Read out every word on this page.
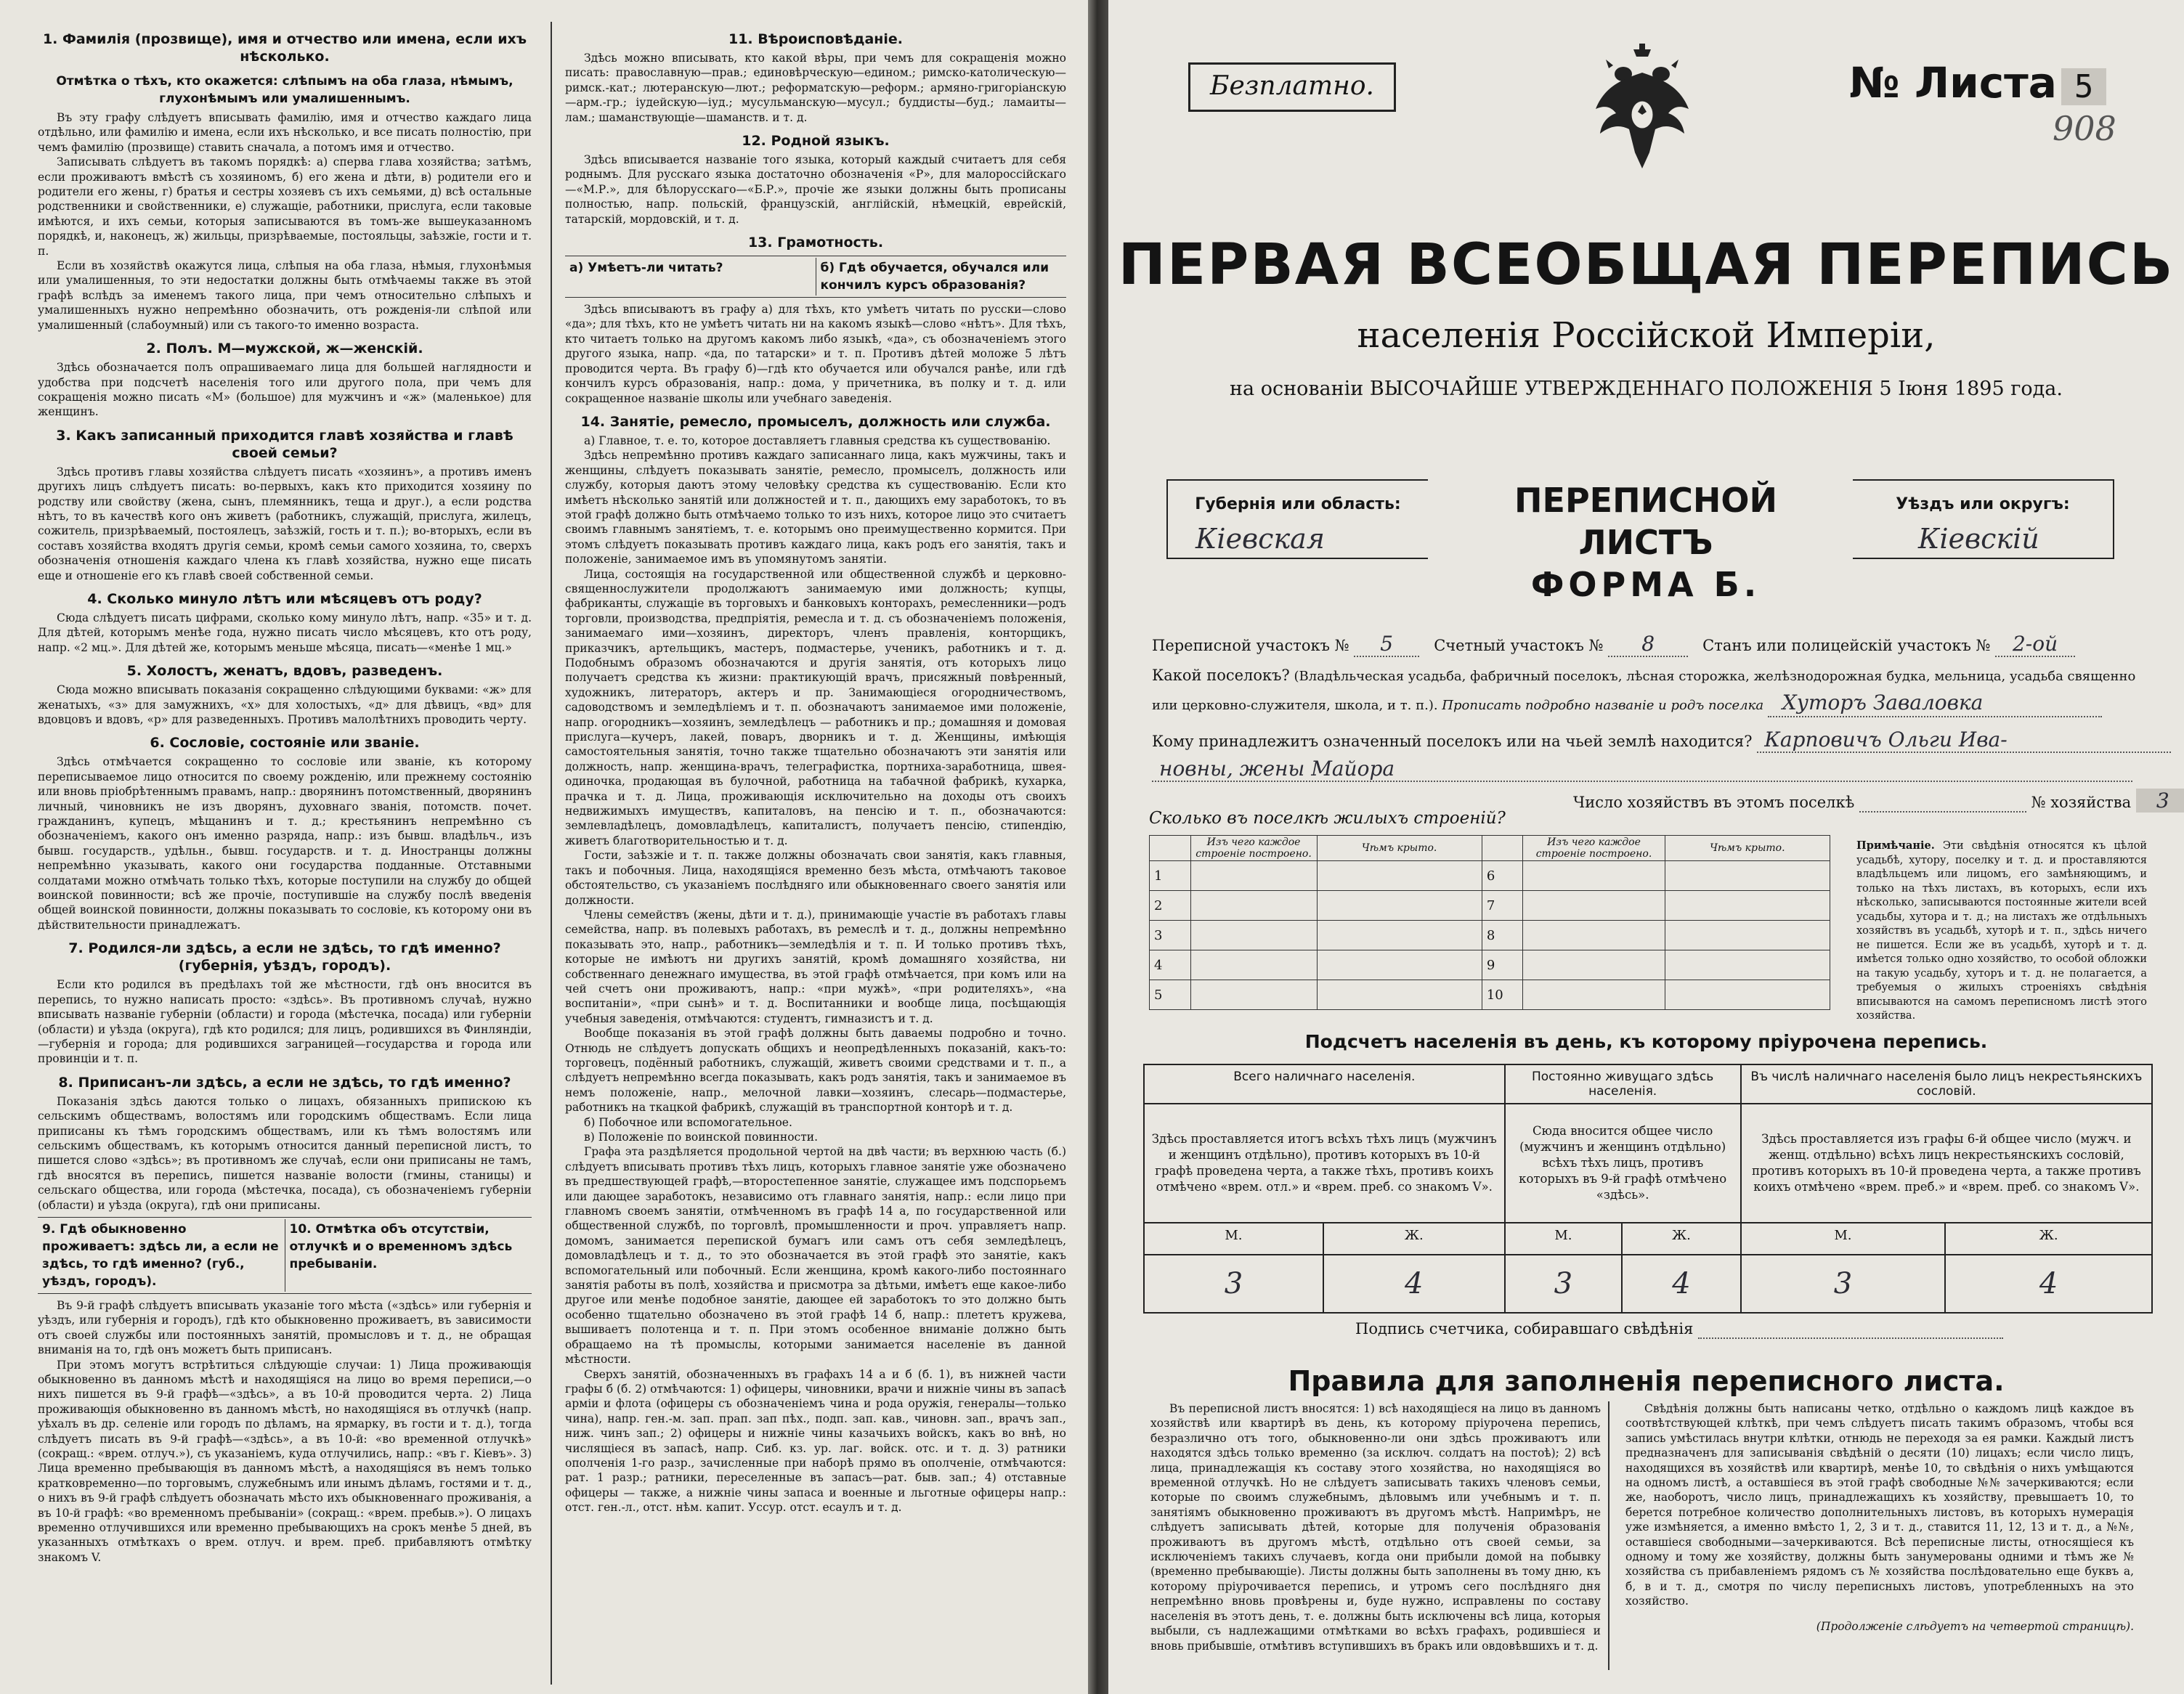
1. Фамилія (прозвище), имя и отчество или имена, если ихъ нѣсколько.
Отмѣтка о тѣхъ, кто окажется: слѣпымъ на оба глаза, нѣмымъ, глухонѣмымъ или умалишеннымъ.

Въ эту графу слѣдуетъ вписывать фамилію, имя и отчество каждаго лица отдѣльно, или фамилію и имена, если ихъ нѣсколько, и все писать полностію, при чемъ фамилію (прозвище) ставить сначала, а потомъ имя и отчество.

Записывать слѣдуетъ въ такомъ порядкѣ: а) сперва глава хозяйства; затѣмъ, если проживаютъ вмѣстѣ съ хозяиномъ, б) его жена и дѣти, в) родители его и родители его жены, г) братья и сестры хозяевъ съ ихъ семьями, д) всѣ остальные родственники и свойственники, е) служащіе, работники, прислуга, если таковые имѣются, и ихъ семьи, которыя записываются въ томъ-же вышеуказанномъ порядкѣ, и, наконецъ, ж) жильцы, призрѣваемые, постояльцы, заѣзжіе, гости и т. п.

Если въ хозяйствѣ окажутся лица, слѣпыя на оба глаза, нѣмыя, глухонѣмыя или умалишенныя, то эти недостатки должны быть отмѣчаемы также въ этой графѣ вслѣдъ за именемъ такого лица, при чемъ относительно слѣпыхъ и умалишенныхъ нужно непремѣнно обозначить, отъ рожденія-ли слѣпой или умалишенный (слабоумный) или съ такого-то именно возраста.

2. Полъ. М—мужской, ж—женскій.

Здѣсь обозначается полъ опрашиваемаго лица для большей наглядности и удобства при подсчетѣ населенія того или другого пола, при чемъ для сокращенія можно писать «М» (большое) для мужчинъ и «ж» (маленькое) для женщинъ.

3. Какъ записанный приходится главѣ хозяйства и главѣ своей семьи?

Здѣсь противъ главы хозяйства слѣдуетъ писать «хозяинъ», а противъ именъ другихъ лицъ слѣдуетъ писать: во-первыхъ, какъ кто приходится хозяину по родству или свойству (жена, сынъ, племянникъ, теща и друг.), а если родства нѣтъ, то въ качествѣ кого онъ живетъ (работникъ, служащій, прислуга, жилецъ, сожитель, призрѣваемый, постоялецъ, заѣзжій, гость и т. п.); во-вторыхъ, если въ составъ хозяйства входятъ другія семьи, кромѣ семьи самого хозяина, то, сверхъ обозначенія отношенія каждаго члена къ главѣ хозяйства, нужно еще писать еще и отношеніе его къ главѣ своей собственной семьи.

4. Сколько минуло лѣтъ или мѣсяцевъ отъ роду?

Сюда слѣдуетъ писать цифрами, сколько кому минуло лѣтъ, напр. «35» и т. д. Для дѣтей, которымъ менѣе года, нужно писать число мѣсяцевъ, кто отъ роду, напр. «2 мц.». Для дѣтей же, которымъ меньше мѣсяца, писать—«менѣе 1 мц.»

5. Холостъ, женатъ, вдовъ, разведенъ.

Сюда можно вписывать показанія сокращенно слѣдующими буквами: «ж» для женатыхъ, «з» для замужнихъ, «х» для холостыхъ, «д» для дѣвицъ, «вд» для вдовцовъ и вдовъ, «р» для разведенныхъ. Противъ малолѣтнихъ проводить черту.

6. Сословіе, состояніе или званіе.

Здѣсь отмѣчается сокращенно то сословіе или званіе, къ которому переписываемое лицо относится по своему рожденію, или прежнему состоянію или вновь пріобрѣтеннымъ правамъ, напр.: дворянинъ потомственный, дворянинъ личный, чиновникъ не изъ дворянъ, духовнаго званія, потомств. почет. гражданинъ, купецъ, мѣщанинъ и т. д.; крестьянинъ непремѣнно съ обозначеніемъ, какого онъ именно разряда, напр.: изъ бывш. владѣльч., изъ бывш. государств., удѣльн., бывш. государств. и т. д. Иностранцы должны непремѣнно указывать, какого они государства подданные. Отставными солдатами можно отмѣчать только тѣхъ, которые поступили на службу до общей воинской повинности; всѣ же прочіе, поступившіе на службу послѣ введенія общей воинской повинности, должны показывать то сословіе, къ которому они въ дѣйствительности принадлежатъ.

7. Родился-ли здѣсь, а если не здѣсь, то гдѣ именно? (губернія, уѣздъ, городъ).

Если кто родился въ предѣлахъ той же мѣстности, гдѣ онъ вносится въ перепись, то нужно написать просто: «здѣсь». Въ противномъ случаѣ, нужно вписывать названіе губерніи (области) и города (мѣстечка, посада) или губерніи (области) и уѣзда (округа), гдѣ кто родился; для лицъ, родившихся въ Финляндіи,—губернія и города; для родившихся заграницей—государства и города или провинціи и т. п.

8. Приписанъ-ли здѣсь, а если не здѣсь, то гдѣ именно?

Показанія здѣсь даются только о лицахъ, обязанныхъ припискою къ сельскимъ обществамъ, волостямъ или городскимъ обществамъ. Если лица приписаны къ тѣмъ городскимъ обществамъ, или къ тѣмъ волостямъ или сельскимъ обществамъ, къ которымъ относится данный переписной листъ, то пишется слово «здѣсь»; въ противномъ же случаѣ, если они приписаны не тамъ, гдѣ вносятся въ перепись, пишется названіе волости (гмины, станицы) и сельскаго общества, или города (мѣстечка, посада), съ обозначеніемъ губерніи (области) и уѣзда (округа), гдѣ они приписаны.

9. Гдѣ обыкновенно проживаетъ: здѣсь ли, а если не здѣсь, то гдѣ именно? (губ., уѣздъ, городъ).
10. Отмѣтка объ отсутствіи, отлучкѣ и о временномъ здѣсь пребываніи.

Въ 9-й графѣ слѣдуетъ вписывать указаніе того мѣста («здѣсь» или губернія и уѣздъ, или губернія и городъ), гдѣ кто обыкновенно проживаетъ, въ зависимости отъ своей службы или постоянныхъ занятій, промысловъ и т. д., не обращая вниманія на то, гдѣ онъ можетъ быть приписанъ.

При этомъ могутъ встрѣтиться слѣдующіе случаи: 1) Лица проживающія обыкновенно въ данномъ мѣстѣ и находящіяся на лицо во время переписи,—о нихъ пишется въ 9-й графѣ—«здѣсь», а въ 10-й проводится черта. 2) Лица проживающія обыкновенно въ данномъ мѣстѣ, но находящіяся въ отлучкѣ (напр. уѣхалъ въ др. селеніе или городъ по дѣламъ, на ярмарку, въ гости и т. д.), тогда слѣдуетъ писать въ 9-й графѣ—«здѣсь», а въ 10-й: «во временной отлучкѣ» (сокращ.: «врем. отлуч.»), съ указаніемъ, куда отлучились, напр.: «въ г. Кіевъ». 3) Лица временно пребывающія въ данномъ мѣстѣ, а находящіяся въ немъ только кратковременно—по торговымъ, служебнымъ или инымъ дѣламъ, гостями и т. д., о нихъ въ 9-й графѣ слѣдуетъ обозначать мѣсто ихъ обыкновеннаго проживанія, а въ 10-й графѣ: «во временномъ пребываніи» (сокращ.: «врем. пребыв.»). О лицахъ временно отлучившихся или временно пребывающихъ на срокъ менѣе 5 дней, въ указанныхъ отмѣткахъ о врем. отлуч. и врем. преб. прибавляютъ отмѣтку знакомъ V.

11. Вѣроисповѣданіе.

Здѣсь можно вписывать, кто какой вѣры, при чемъ для сокращенія можно писать: православную—прав.; единовѣрческую—едином.; римско-католическую—римск.-кат.; лютеранскую—лют.; реформатскую—реформ.; армяно-григоріанскую—арм.-гр.; іудейскую—іуд.; мусульманскую—мусул.; буддисты—буд.; ламаиты—лам.; шаманствующіе—шаманств. и т. д.

12. Родной языкъ.

Здѣсь вписывается названіе того языка, который каждый считаетъ для себя роднымъ. Для русскаго языка достаточно обозначенія «Р», для малороссійскаго—«М.Р.», для бѣлорусскаго—«Б.Р.», прочіе же языки должны быть прописаны полностью, напр. польскій, французскій, англійскій, нѣмецкій, еврейскій, татарскій, мордовскій, и т. д.

13. Грамотность.
а) Умѣетъ-ли читать?	б) Гдѣ обучается, обучался или кончилъ курсъ образованія?

Здѣсь вписываютъ въ графу а) для тѣхъ, кто умѣетъ читать по русски—слово «да»; для тѣхъ, кто не умѣетъ читать ни на какомъ языкѣ—слово «нѣтъ». Для тѣхъ, кто читаетъ только на другомъ какомъ либо языкѣ, «да», съ обозначеніемъ этого другого языка, напр. «да, по татарски» и т. п. Противъ дѣтей моложе 5 лѣтъ проводится черта. Въ графу б)—гдѣ кто обучается или обучался ранѣе, или гдѣ кончилъ курсъ образованія, напр.: дома, у причетника, въ полку и т. д. или сокращенное названіе школы или учебнаго заведенія.

14. Занятіе, ремесло, промыселъ, должность или служба.

а) Главное, т. е. то, которое доставляетъ главныя средства къ существованію.

Здѣсь непремѣнно противъ каждаго записаннаго лица, какъ мужчины, такъ и женщины, слѣдуетъ показывать занятіе, ремесло, промыселъ, должность или службу, которыя даютъ этому человѣку средства къ существованію. Если кто имѣетъ нѣсколько занятій или должностей и т. п., дающихъ ему заработокъ, то въ этой графѣ должно быть отмѣчаемо только то изъ нихъ, которое лицо это считаетъ своимъ главнымъ занятіемъ, т. е. которымъ оно преимущественно кормится. При этомъ слѣдуетъ показывать противъ каждаго лица, какъ родъ его занятія, такъ и положеніе, занимаемое имъ въ упомянутомъ занятіи.

Лица, состоящія на государственной или общественной службѣ и церковно-священнослужители продолжаютъ занимаемую ими должность; купцы, фабриканты, служащіе въ торговыхъ и банковыхъ конторахъ, ремесленники—родъ торговли, производства, предпріятія, ремесла и т. д. съ обозначеніемъ положенія, занимаемаго ими—хозяинъ, директоръ, членъ правленія, конторщикъ, приказчикъ, артельщикъ, мастеръ, подмастерье, ученикъ, работникъ и т. д. Подобнымъ образомъ обозначаются и другія занятія, отъ которыхъ лицо получаетъ средства къ жизни: практикующій врачъ, присяжный повѣренный, художникъ, литераторъ, актеръ и пр. Занимающіеся огородничествомъ, садоводствомъ и земледѣліемъ и т. п. обозначаютъ занимаемое ими положеніе, напр. огородникъ—хозяинъ, земледѣлецъ — работникъ и пр.; домашняя и домовая прислуга—кучеръ, лакей, поваръ, дворникъ и т. д. Женщины, имѣющія самостоятельныя занятія, точно также тщательно обозначаютъ эти занятія или должность, напр. женщина-врачъ, телеграфистка, портниха-заработница, швея-одиночка, продающая въ булочной, работница на табачной фабрикѣ, кухарка, прачка и т. д. Лица, проживающія исключительно на доходы отъ своихъ недвижимыхъ имуществъ, капиталовъ, на пенсію и т. п., обозначаются: землевладѣлецъ, домовладѣлецъ, капиталистъ, получаетъ пенсію, стипендію, живетъ благотворительностью и т. д.

Гости, заѣзжіе и т. п. также должны обозначать свои занятія, какъ главныя, такъ и побочныя. Лица, находящіяся временно безъ мѣста, отмѣчаютъ таковое обстоятельство, съ указаніемъ послѣдняго или обыкновеннаго своего занятія или должности.

Члены семействъ (жены, дѣти и т. д.), принимающіе участіе въ работахъ главы семейства, напр. въ полевыхъ работахъ, въ ремеслѣ и т. д., должны непремѣнно показывать это, напр., работникъ—земледѣлія и т. п. И только противъ тѣхъ, которые не имѣютъ ни другихъ занятій, кромѣ домашняго хозяйства, ни собственнаго денежнаго имущества, въ этой графѣ отмѣчается, при комъ или на чей счетъ они проживаютъ, напр.: «при мужѣ», «при родителяхъ», «на воспитаніи», «при сынѣ» и т. д. Воспитанники и вообще лица, посѣщающія учебныя заведенія, отмѣчаются: студентъ, гимназистъ и т. д.

Вообще показанія въ этой графѣ должны быть даваемы подробно и точно. Отнюдь не слѣдуетъ допускать общихъ и неопредѣленныхъ показаній, какъ-то: торговецъ, подённый работникъ, служащій, живетъ своими средствами и т. п., а слѣдуетъ непремѣнно всегда показывать, какъ родъ занятія, такъ и занимаемое въ немъ положеніе, напр., мелочной лавки—хозяинъ, слесарь—подмастерье, работникъ на ткацкой фабрикѣ, служащій въ транспортной конторѣ и т. д.

б) Побочное или вспомогательное.

в) Положеніе по воинской повинности.

Графа эта раздѣляется продольной чертой на двѣ части; въ верхнюю часть (б.) слѣдуетъ вписывать противъ тѣхъ лицъ, которыхъ главное занятіе уже обозначено въ предшествующей графѣ,—второстепенное занятіе, служащее имъ подспорьемъ или дающее заработокъ, независимо отъ главнаго занятія, напр.: если лицо при главномъ своемъ занятіи, отмѣченномъ въ графѣ 14 а, по государственной или общественной службѣ, по торговлѣ, промышленности и проч. управляетъ напр. домомъ, занимается перепиской бумагъ или самъ отъ себя земледѣлецъ, домовладѣлецъ и т. д., то это обозначается въ этой графѣ это занятіе, какъ вспомогательный или побочный. Если женщина, кромѣ какого-либо постояннаго занятія работы въ полѣ, хозяйства и присмотра за дѣтьми, имѣетъ еще какое-либо другое или менѣе подобное занятіе, дающее ей заработокъ то это должно быть особенно тщательно обозначено въ этой графѣ 14 б, напр.: плететъ кружева, вышиваетъ полотенца и т. п. При этомъ особенное вниманіе должно быть обращаемо на тѣ промыслы, которыми занимается населеніе въ данной мѣстности.

Сверхъ занятій, обозначенныхъ въ графахъ 14 а и б (б. 1), въ нижней части графы б (б. 2) отмѣчаются: 1) офицеры, чиновники, врачи и нижніе чины въ запасѣ арміи и флота (офицеры съ обозначеніемъ чина и рода оружія, генералы—только чина), напр. ген.-м. зап. прап. зап пѣх., подп. зап. кав., чиновн. зап., врачъ зап., ниж. чинъ зап.; 2) офицеры и нижніе чины казачьихъ войскъ, какъ во внѣ, но числящіеся въ запасѣ, напр. Сиб. кз. ур. лаг. войск. отс. и т. д. 3) ратники ополченія 1-го разр., зачисленные при наборѣ прямо въ ополченіе, отмѣчаются: рат. 1 разр.; ратники, переселенные въ запасъ—рат. быв. зап.; 4) отставные офицеры — также, а нижніе чины запаса и военные и льготные офицеры напр.: отст. ген.-л., отст. нѣм. капит. Уссур. отст. есаулъ и т. д.

Безплатно.	№ Листа 5
908
ПЕРВАЯ ВСЕОБЩАЯ ПЕРЕПИСЬ
населенія Россійской Имперіи,
на основаніи ВЫСОЧАЙШЕ УТВЕРЖДЕННАГО ПОЛОЖЕНІЯ 5 Іюня 1895 года.
Губернія или область:
Кіевская
ПЕРЕПИСНОЙ ЛИСТЪ
ФОРМА Б.
Уѣздъ или округъ:
Кіевскій
Переписной участокъ № 5	Счетный участокъ № 8	Станъ или полицейскій участокъ № 2-ой
Какой поселокъ? (Владѣльческая усадьба, фабричный поселокъ, лѣсная сторожка, желѣзнодорожная будка, мельница, усадьба священно или церковно-служителя, школа, и т. п.). Прописать подробно названіе и родъ поселка Хуторъ Заваловка
Кому принадлежитъ означенный поселокъ или на чьей землѣ находится? Карповичъ Ольги Ива-
новны, жены Майора
Число хозяйствъ въ этомъ поселкѣ	№ хозяйства 3
Сколько въ поселкѣ жилыхъ строеній?
	Изъ чего каждое строеніе построено.	Чѣмъ крыто.		Изъ чего каждое строеніе построено.	Чѣмъ крыто.
1			6		
2			7		
3			8		
4			9		
5			10		
Примѣчаніе. Эти свѣдѣнія относятся къ цѣлой усадьбѣ, хутору, поселку и т. д. и проставляются владѣльцемъ или лицомъ, его замѣняющимъ, и только на тѣхъ листахъ, въ которыхъ, если ихъ нѣсколько, записываются постоянные жители всей усадьбы, хутора и т. д.; на листахъ же отдѣльныхъ хозяйствъ въ усадьбѣ, хуторѣ и т. п., здѣсь ничего не пишется. Если же въ усадьбѣ, хуторѣ и т. д. имѣется только одно хозяйство, то особой обложки на такую усадьбу, хуторъ и т. д. не полагается, а требуемыя о жилыхъ строеніяхъ свѣдѣнія вписываются на самомъ переписномъ листѣ этого хозяйства.
Подсчетъ населенія въ день, къ которому пріурочена перепись.
Всего наличнаго населенія.		Постоянно живущаго здѣсь населенія.		Въ числѣ наличнаго населенія было лицъ некрестьянскихъ сословій.	
Здѣсь проставляется итогъ всѣхъ тѣхъ лицъ (мужчинъ и женщинъ отдѣльно), противъ которыхъ въ 10-й графѣ проведена черта, а также тѣхъ, противъ коихъ отмѣчено «врем. отл.» и «врем. преб. со знакомъ V».		Сюда вносится общее число (мужчинъ и женщинъ отдѣльно) всѣхъ тѣхъ лицъ, противъ которыхъ въ 9-й графѣ отмѣчено «здѣсь».		Здѣсь проставляется изъ графы 6-й общее число (мужч. и женщ. отдѣльно) всѣхъ лицъ некрестьянскихъ сословій, противъ которыхъ въ 10-й проведена черта, а также противъ коихъ отмѣчено «врем. преб.» и «врем. преб. со знакомъ V».	
М.	Ж.	М.	Ж.	М.	Ж.
3	4	3	4	3	4
Подпись счетчика, собиравшаго свѣдѣнія
Правила для заполненія переписного листа.

Въ переписной листъ вносятся: 1) всѣ находящіеся на лицо въ данномъ хозяйствѣ или квартирѣ въ день, къ которому пріурочена перепись, безразлично отъ того, обыкновенно-ли они здѣсь проживаютъ или находятся здѣсь только временно (за исключ. солдатъ на постоѣ); 2) всѣ лица, принадлежащія къ составу этого хозяйства, но находящіяся во временной отлучкѣ. Но не слѣдуетъ записывать такихъ членовъ семьи, которые по своимъ служебнымъ, дѣловымъ или учебнымъ и т. п. занятіямъ обыкновенно проживаютъ въ другомъ мѣстѣ. Напримѣръ, не слѣдуетъ записывать дѣтей, которые для полученія образованія проживаютъ въ другомъ мѣстѣ, отдѣльно отъ своей семьи, за исключеніемъ такихъ случаевъ, когда они прибыли домой на побывку (временно пребывающіе). Листы должны быть заполнены въ тому дню, къ которому пріурочивается перепись, и утромъ сего послѣдняго дня непремѣнно вновь провѣрены и, буде нужно, исправлены по составу населенія въ этотъ день, т. е. должны быть исключены всѣ лица, которыя выбыли, съ надлежащими отмѣтками во всѣхъ графахъ, родившіеся и вновь прибывшіе, отмѣтивъ вступившихъ въ бракъ или овдовѣвшихъ и т. д.

Свѣдѣнія должны быть написаны четко, отдѣльно о каждомъ лицѣ каждое въ соотвѣтствующей клѣткѣ, при чемъ слѣдуетъ писать такимъ образомъ, чтобы вся запись умѣстилась внутри клѣтки, отнюдь не переходя за ея рамки. Каждый листъ предназначенъ для записыванія свѣдѣній о десяти (10) лицахъ; если число лицъ, находящихся въ хозяйствѣ или квартирѣ, менѣе 10, то свѣдѣнія о нихъ умѣщаются на одномъ листѣ, а оставшіеся въ этой графѣ свободные №№ зачеркиваются; если же, наоборотъ, число лицъ, принадлежащихъ къ хозяйству, превышаетъ 10, то берется потребное количество дополнительныхъ листовъ, въ которыхъ нумерація уже измѣняется, а именно вмѣсто 1, 2, 3 и т. д., ставится 11, 12, 13 и т. д., а №№, оставшіеся свободными—зачеркиваются. Всѣ переписные листы, относящіеся къ одному и тому же хозяйству, должны быть занумерованы одними и тѣмъ же № хозяйства съ прибавленіемъ рядомъ съ № хозяйства послѣдовательно еще буквъ а, б, в и т. д., смотря по числу переписныхъ листовъ, употребленныхъ на это хозяйство.

(Продолженіе слѣдуетъ на четвертой страницѣ).
